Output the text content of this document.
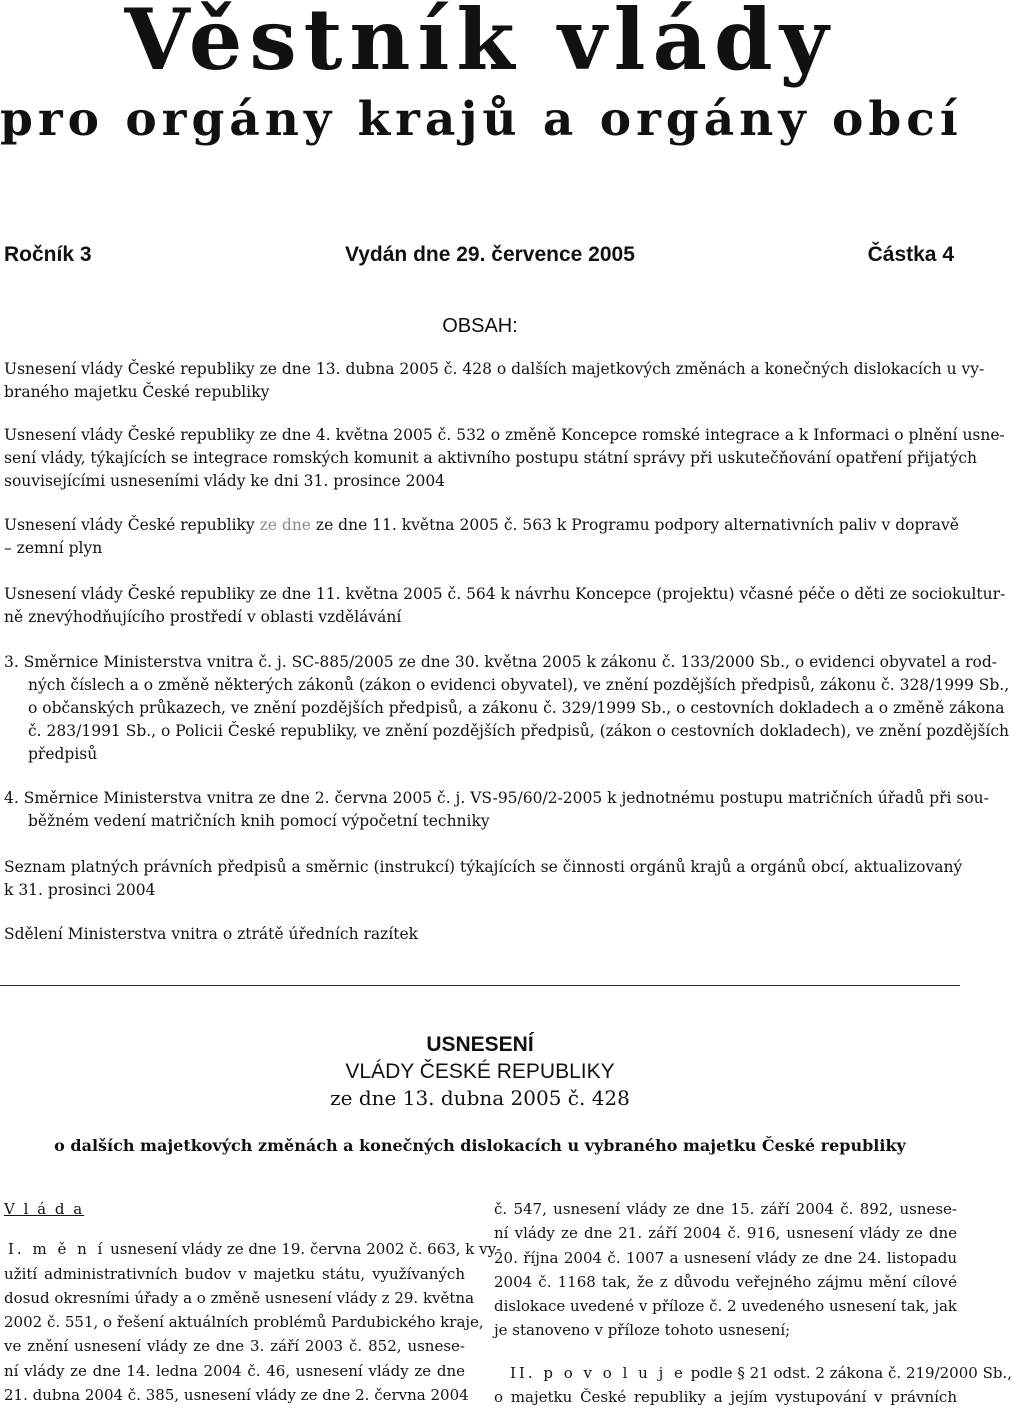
Věstník vlády
pro orgány krajů a orgány obcí
Ročník 3	Vydán dne 29. července 2005	Částka 4
OBSAH:
Usnesení vlády České republiky ze dne 13. dubna 2005 č. 428 o dalších majetkových změnách a konečných dislokacích u vy-
braného majetku České republiky
Usnesení vlády České republiky ze dne 4. května 2005 č. 532 o změně Koncepce romské integrace a k Informaci o plnění usne-
sení vlády, týkajících se integrace romských komunit a aktivního postupu státní správy při uskutečňování opatření přijatých
souvisejícími usneseními vlády ke dni 31. prosince 2004
Usnesení vlády České republiky ze dne ze dne 11. května 2005 č. 563 k Programu podpory alternativních paliv v dopravě
– zemní plyn
Usnesení vlády České republiky ze dne 11. května 2005 č. 564 k návrhu Koncepce (projektu) včasné péče o děti ze sociokultur-
ně znevýhodňujícího prostředí v oblasti vzdělávání
3. Směrnice Ministerstva vnitra č. j. SC-885/2005 ze dne 30. května 2005 k zákonu č. 133/2000 Sb., o evidenci obyvatel a rod-
ných číslech a o změně některých zákonů (zákon o evidenci obyvatel), ve znění pozdějších předpisů, zákonu č. 328/1999 Sb.,
o občanských průkazech, ve znění pozdějších předpisů, a zákonu č. 329/1999 Sb., o cestovních dokladech a o změně zákona
č. 283/1991 Sb., o Policii České republiky, ve znění pozdějších předpisů, (zákon o cestovních dokladech), ve znění pozdějších
předpisů
4. Směrnice Ministerstva vnitra ze dne 2. června 2005 č. j. VS-95/60/2-2005 k jednotnému postupu matričních úřadů při sou-
běžném vedení matričních knih pomocí výpočetní techniky
Seznam platných právních předpisů a směrnic (instrukcí) týkajících se činnosti orgánů krajů a orgánů obcí, aktualizovaný
k 31. prosinci 2004
Sdělení Ministerstva vnitra o ztrátě úředních razítek
USNESENÍ
VLÁDY ČESKÉ REPUBLIKY
ze dne 13. dubna 2005 č. 428
o dalších majetkových změnách a konečných dislokacích u vybraného majetku České republiky
V l á d a
I. m ě n í usnesení vlády ze dne 19. června 2002 č. 663, k vy-
užití administrativních budov v majetku státu, využívaných
dosud okresními úřady a o změně usnesení vlády z 29. května
2002 č. 551, o řešení aktuálních problémů Pardubického kraje,
ve znění usnesení vlády ze dne 3. září 2003 č. 852, usnese-
ní vlády ze dne 14. ledna 2004 č. 46, usnesení vlády ze dne
21. dubna 2004 č. 385, usnesení vlády ze dne 2. června 2004
č. 547, usnesení vlády ze dne 15. září 2004 č. 892, usnese-
ní vlády ze dne 21. září 2004 č. 916, usnesení vlády ze dne
20. října 2004 č. 1007 a usnesení vlády ze dne 24. listopadu
2004 č. 1168 tak, že z důvodu veřejného zájmu mění cílové
dislokace uvedené v příloze č. 2 uvedeného usnesení tak, jak
je stanoveno v příloze tohoto usnesení;
II. p o v o l u j e podle § 21 odst. 2 zákona č. 219/2000 Sb.,
o majetku České republiky a jejím vystupování v právních
